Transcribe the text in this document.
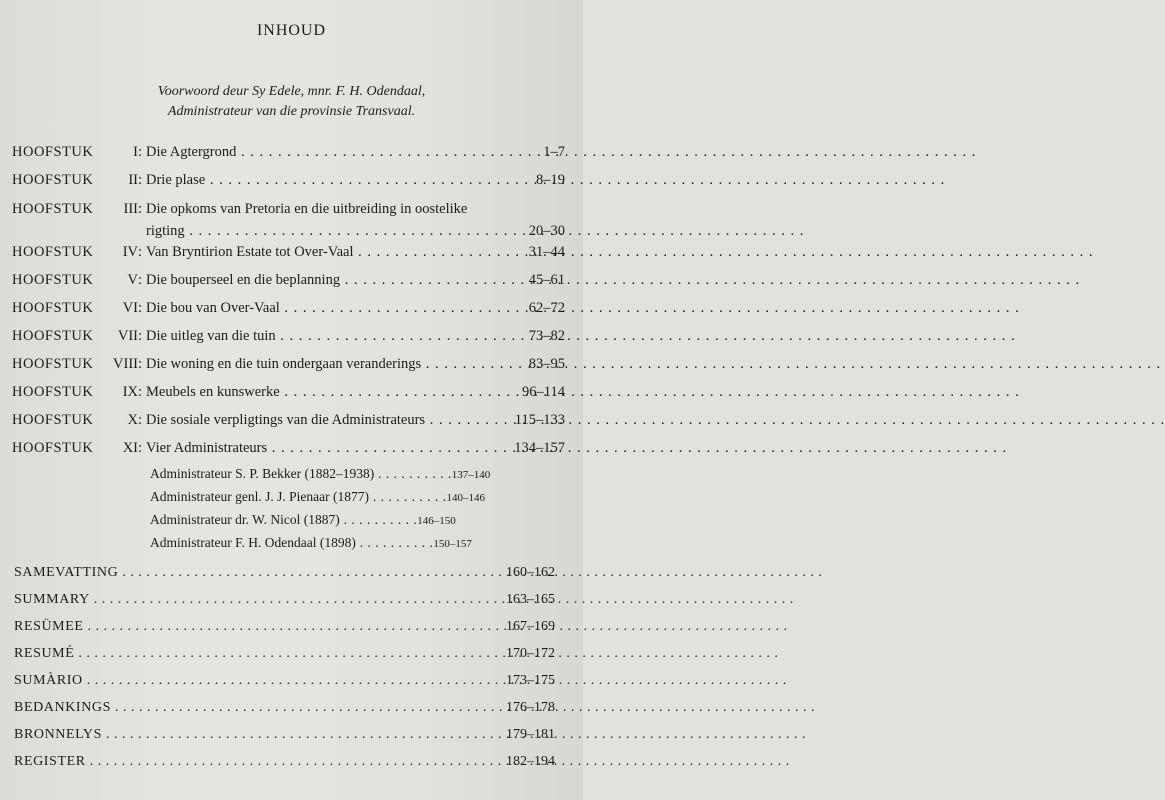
INHOUD
Voorwoord deur Sy Edele, mnr. F. H. Odendaal,
Administrateur van die provinsie Transvaal.
HOOFSTUK	I : Die Agtergrond . . .	1–7
HOOFSTUK	II : Drie plase . . .	8–19
HOOFSTUK	III : Die opkoms van Pretoria en die uitbreiding in oostelike
rigting . . .	20–30
HOOFSTUK	IV : Van Bryntirion Estate tot Over-Vaal . . .	31–44
HOOFSTUK	V : Die bouperseel en die beplanning . . .	45–61
HOOFSTUK	VI : Die bou van Over-Vaal . . .	62–72
HOOFSTUK	VII : Die uitleg van die tuin . . .	73–82
HOOFSTUK	VIII : Die woning en die tuin ondergaan veranderings . . .	83–95
HOOFSTUK	IX : Meubels en kunswerke . . .	96–114
HOOFSTUK	X : Die sosiale verpligtings van die Administrateurs . . .	115–133
HOOFSTUK	XI : Vier Administrateurs . . .	134–157
Administrateur S. P. Bekker (1882–1938) . . .	137–140
Administrateur genl. J. J. Pienaar (1877) . . .	140–146
Administrateur dr. W. Nicol (1887) . . .	146–150
Administrateur F. H. Odendaal (1898) . . .	150–157
SAMEVATTING . . .	160–162
SUMMARY . . .	163–165
RESÜMEE . . .	167–169
RESUMÉ . . .	170–172
SUMÀRIO . . .	173–175
BEDANKINGS . . .	176–178
BRONNELYS . . .	179–181
REGISTER . . .	182–194
